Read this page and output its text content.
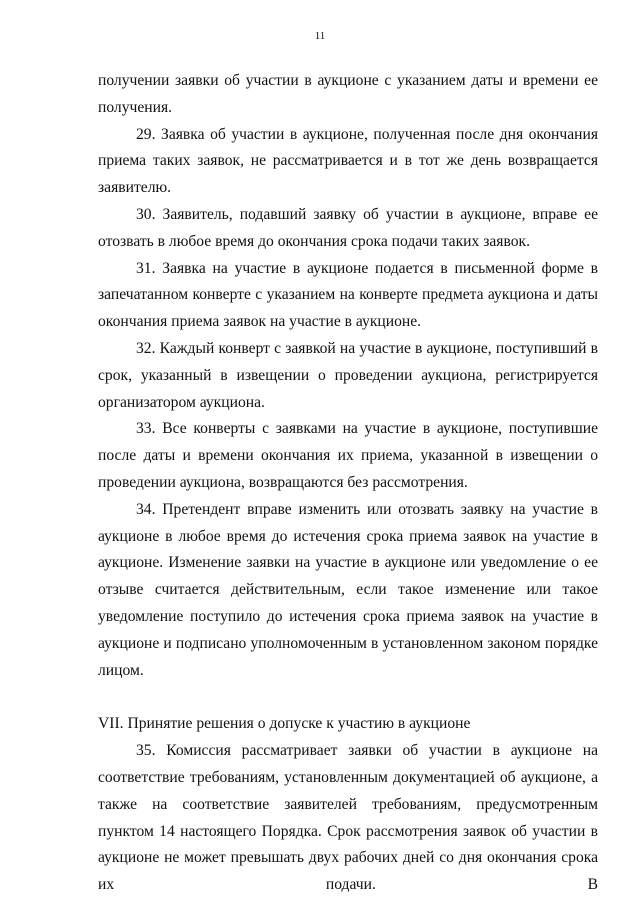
11

получении заявки об участии в аукционе с указанием даты и времени ее получения.

29. Заявка об участии в аукционе, полученная после дня окончания приема таких заявок, не рассматривается и в тот же день возвращается заявителю.

30. Заявитель, подавший заявку об участии в аукционе, вправе ее отозвать в любое время до окончания срока подачи таких заявок.

31. Заявка на участие в аукционе подается в письменной форме в запечатанном конверте с указанием на конверте предмета аукциона и даты окончания приема заявок на участие в аукционе.

32. Каждый конверт с заявкой на участие в аукционе, поступивший в срок, указанный в извещении о проведении аукциона, регистрируется организатором аукциона.

33. Все конверты с заявками на участие в аукционе, поступившие после даты и времени окончания их приема, указанной в извещении о проведении аукциона, возвращаются без рассмотрения.

34. Претендент вправе изменить или отозвать заявку на участие в аукционе в любое время до истечения срока приема заявок на участие в аукционе. Изменение заявки на участие в аукционе или уведомление о ее отзыве считается действительным, если такое изменение или такое уведомление поступило до истечения срока приема заявок на участие в аукционе и подписано уполномоченным в установленном законом порядке лицом.

VII. Принятие решения о допуске к участию в аукционе

35. Комиссия рассматривает заявки об участии в аукционе на соответствие требованиям, установленным документацией об аукционе, а также на соответствие заявителей требованиям, предусмотренным пунктом 14 настоящего Порядка. Срок рассмотрения заявок об участии в аукционе не может превышать двух рабочих дней со дня окончания срока их подачи. В
